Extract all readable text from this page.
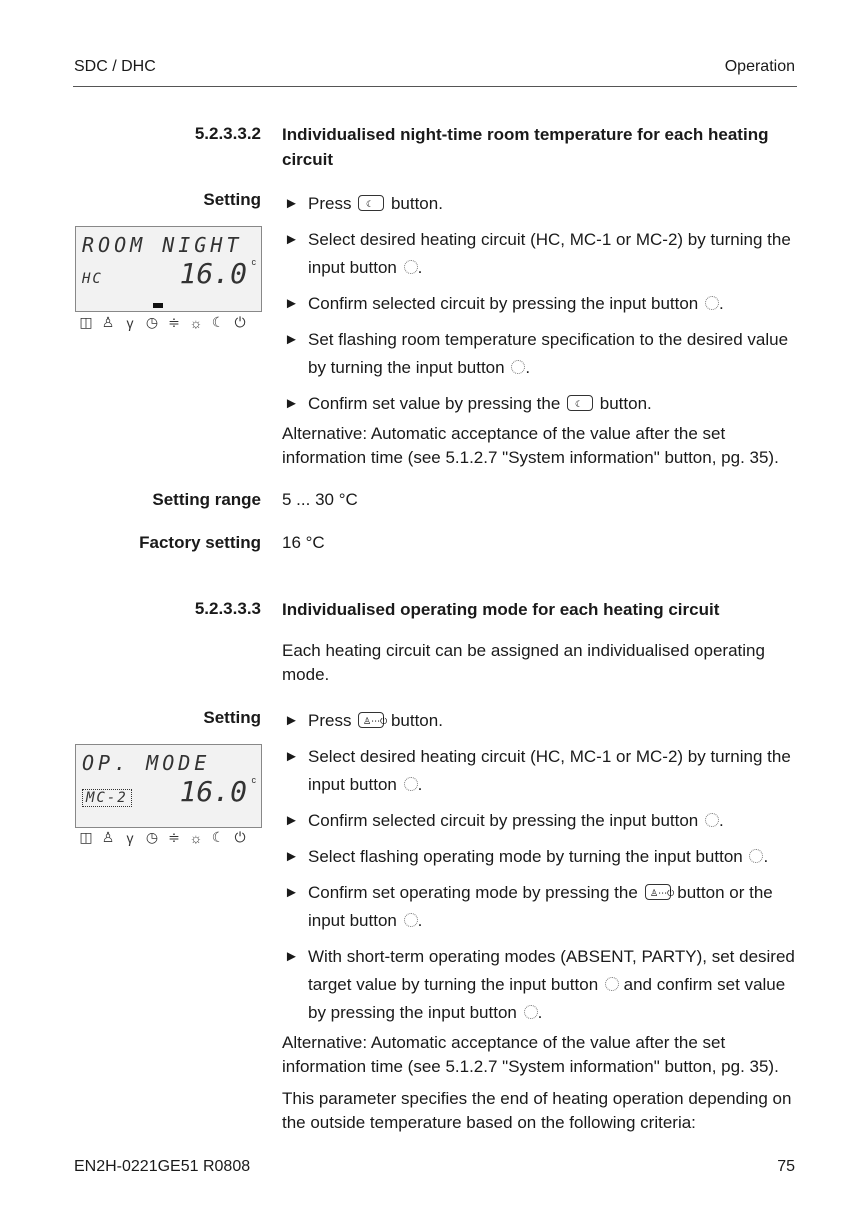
SDC / DHC	Operation
5.2.3.3.2 Individualised night-time room temperature for each heating circuit
Setting
ROOM NIGHT
HC	16.0 c
◫ ♙ γ ◷ ≑ ☼ ☾ ⏻
► Press ☾ button.
► Select desired heating circuit (HC, MC-1 or MC-2) by turning the input button .
► Confirm selected circuit by pressing the input button .
► Set flashing room temperature specification to the desired value by turning the input button .
► Confirm set value by pressing the ☾ button.
Alternative: Automatic acceptance of the value after the set information time (see 5.1.2.7 "System information" button, pg. 35).
Setting range 5 ... 30 °C
Factory setting 16 °C
5.2.3.3.3 Individualised operating mode for each heating circuit
Each heating circuit can be assigned an individualised operating mode.
Setting
OP. MODE
MC-2 16.0 c
◫ ♙ γ ◷ ≑ ☼ ☾ ⏻
► Press ♙⋯⏻ button.
► Select desired heating circuit (HC, MC-1 or MC-2) by turning the input button .
► Confirm selected circuit by pressing the input button .
► Select flashing operating mode by turning the input button .
► Confirm set operating mode by pressing the ♙⋯⏻ button or the input button .
► With short-term operating modes (ABSENT, PARTY), set desired target value by turning the input button and confirm set value by pressing the input button .
Alternative: Automatic acceptance of the value after the set information time (see 5.1.2.7 "System information" button, pg. 35).
This parameter specifies the end of heating operation depending on the outside temperature based on the following criteria:
EN2H-0221GE51 R0808	75
